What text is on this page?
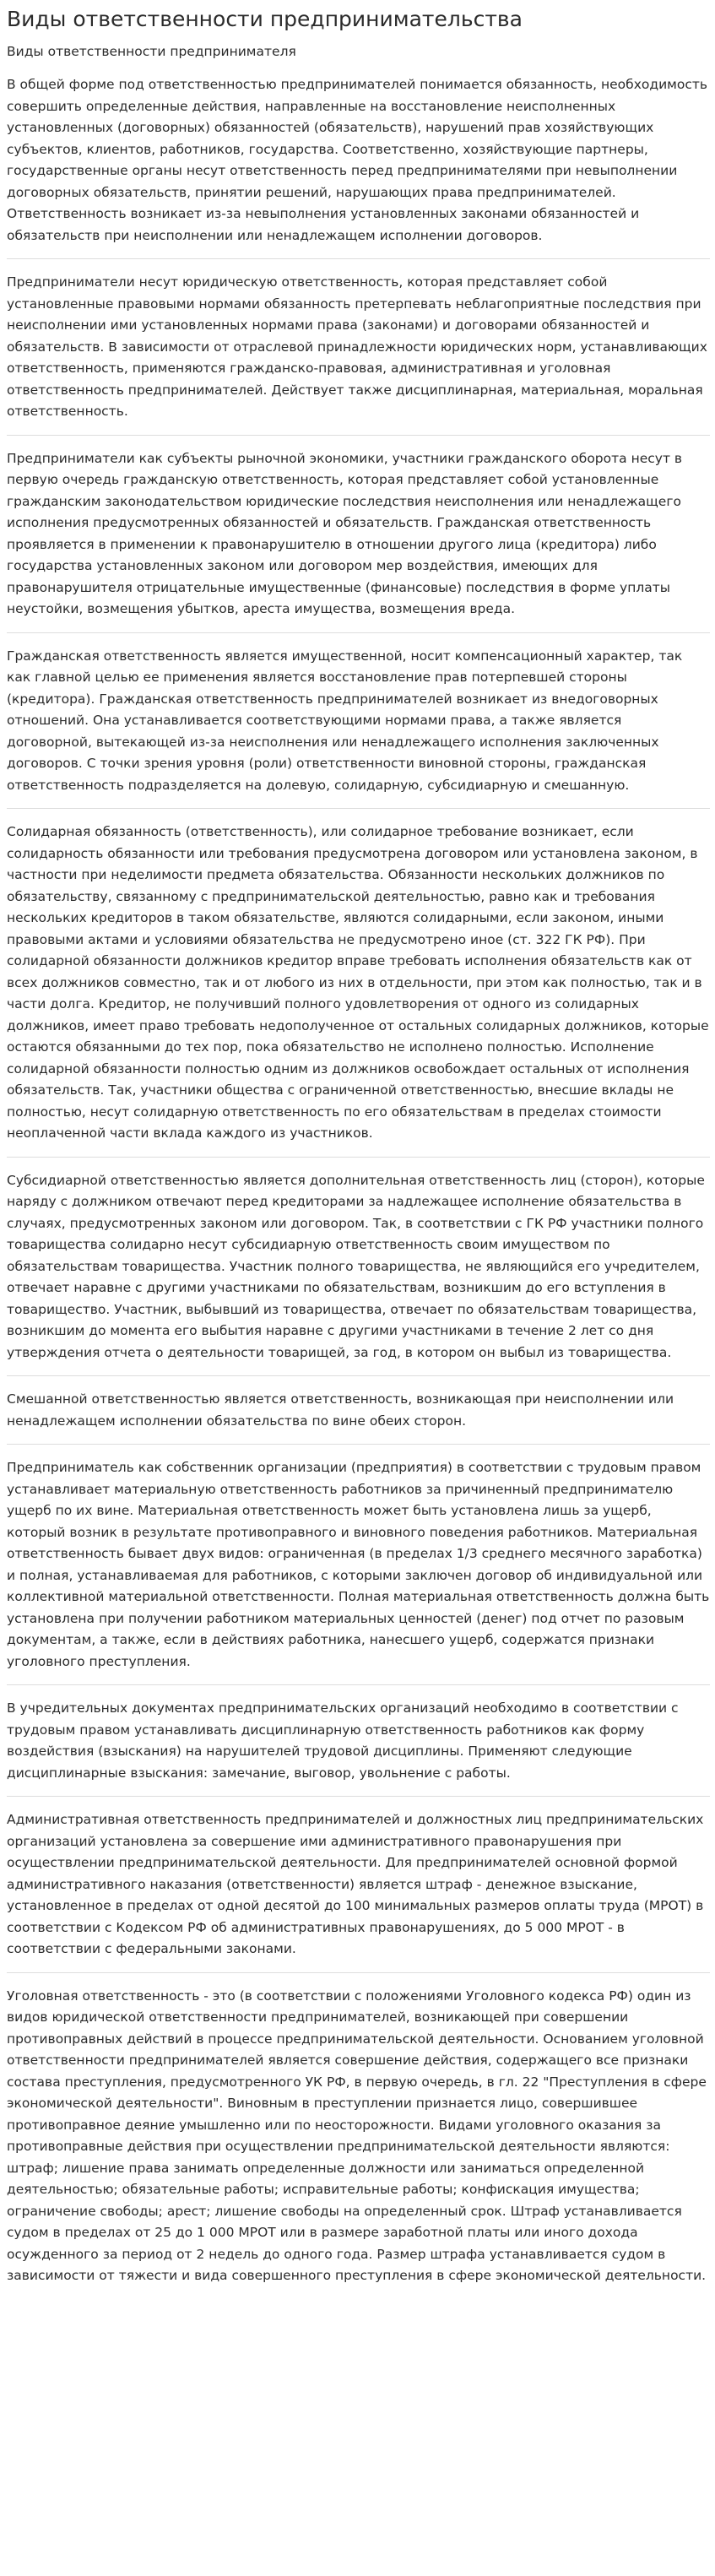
Виды ответственности предпринимательства
Виды ответственности предпринимателя

В общей форме под ответственностью предпринимателей понимается обязанность, необходимость совершить определенные действия, направленные на восстановление неисполненных установленных (договорных) обязанностей (обязательств), нарушений прав хозяйствующих субъектов, клиентов, работников, государства. Соответственно, хозяйствующие партнеры, государственные органы несут ответственность перед предпринимателями при невыполнении договорных обязательств, принятии решений, нарушающих права предпринимателей. Ответственность возникает из-за невыполнения установленных законами обязанностей и обязательств при неисполнении или ненадлежащем исполнении договоров.

Предприниматели несут юридическую ответственность, которая представляет собой установленные правовыми нормами обязанность претерпевать неблагоприятные последствия при неисполнении ими установленных нормами права (законами) и договорами обязанностей и обязательств. В зависимости от отраслевой принадлежности юридических норм, устанавливающих ответственность, применяются гражданско-правовая, административная и уголовная ответственность предпринимателей. Действует также дисциплинарная, материальная, моральная ответственность.

Предприниматели как субъекты рыночной экономики, участники гражданского оборота несут в первую очередь гражданскую ответственность, которая представляет собой установленные гражданским законодательством юридические последствия неисполнения или ненадлежащего исполнения предусмотренных обязанностей и обязательств. Гражданская ответственность проявляется в применении к правонарушителю в отношении другого лица (кредитора) либо государства установленных законом или договором мер воздействия, имеющих для правонарушителя отрицательные имущественные (финансовые) последствия в форме уплаты неустойки, возмещения убытков, ареста имущества, возмещения вреда.

Гражданская ответственность является имущественной, носит компенсационный характер, так как главной целью ее применения является восстановление прав потерпевшей стороны (кредитора). Гражданская ответственность предпринимателей возникает из внедоговорных отношений. Она устанавливается соответствующими нормами права, а также является договорной, вытекающей из-за неисполнения или ненадлежащего исполнения заключенных договоров. С точки зрения уровня (роли) ответственности виновной стороны, гражданская ответственность подразделяется на долевую, солидарную, субсидиарную и смешанную.

Солидарная обязанность (ответственность), или солидарное требование возникает, если солидарность обязанности или требования предусмотрена договором или установлена законом, в частности при неделимости предмета обязательства. Обязанности нескольких должников по обязательству, связанному с предпринимательской деятельностью, равно как и требования нескольких кредиторов в таком обязательстве, являются солидарными, если законом, иными правовыми актами и условиями обязательства не предусмотрено иное (ст. 322 ГК РФ). При солидарной обязанности должников кредитор вправе требовать исполнения обязательств как от всех должников совместно, так и от любого из них в отдельности, при этом как полностью, так и в части долга. Кредитор, не получивший полного удовлетворения от одного из солидарных должников, имеет право требовать недополученное от остальных солидарных должников, которые остаются обязанными до тех пор, пока обязательство не исполнено полностью. Исполнение солидарной обязанности полностью одним из должников освобождает остальных от исполнения обязательств. Так, участники общества с ограниченной ответственностью, внесшие вклады не полностью, несут солидарную ответственность по его обязательствам в пределах стоимости неоплаченной части вклада каждого из участников.

Субсидиарной ответственностью является дополнительная ответственность лиц (сторон), которые наряду с должником отвечают перед кредиторами за надлежащее исполнение обязательства в случаях, предусмотренных законом или договором. Так, в соответствии с ГК РФ участники полного товарищества солидарно несут субсидиарную ответственность своим имуществом по обязательствам товарищества. Участник полного товарищества, не являющийся его учредителем, отвечает наравне с другими участниками по обязательствам, возникшим до его вступления в товарищество. Участник, выбывший из товарищества, отвечает по обязательствам товарищества, возникшим до момента его выбытия наравне с другими участниками в течение 2 лет со дня утверждения отчета о деятельности товарищей, за год, в котором он выбыл из товарищества.

Смешанной ответственностью является ответственность, возникающая при неисполнении или ненадлежащем исполнении обязательства по вине обеих сторон.

Предприниматель как собственник организации (предприятия) в соответствии с трудовым правом устанавливает материальную ответственность работников за причиненный предпринимателю ущерб по их вине. Материальная ответственность может быть установлена лишь за ущерб, который возник в результате противоправного и виновного поведения работников. Материальная ответственность бывает двух видов: ограниченная (в пределах 1/3 среднего месячного заработка) и полная, устанавливаемая для работников, с которыми заключен договор об индивидуальной или коллективной материальной ответственности. Полная материальная ответственность должна быть установлена при получении работником материальных ценностей (денег) под отчет по разовым документам, а также, если в действиях работника, нанесшего ущерб, содержатся признаки уголовного преступления.

В учредительных документах предпринимательских организаций необходимо в соответствии с трудовым правом устанавливать дисциплинарную ответственность работников как форму воздействия (взыскания) на нарушителей трудовой дисциплины. Применяют следующие дисциплинарные взыскания: замечание, выговор, увольнение с работы.

Административная ответственность предпринимателей и должностных лиц предпринимательских организаций установлена за совершение ими административного правонарушения при осуществлении предпринимательской деятельности. Для предпринимателей основной формой административного наказания (ответственности) является штраф - денежное взыскание, установленное в пределах от одной десятой до 100 минимальных размеров оплаты труда (МРОТ) в соответствии с Кодексом РФ об административных правонарушениях, до 5 000 МРОТ - в соответствии с федеральными законами.

Уголовная ответственность - это (в соответствии с положениями Уголовного кодекса РФ) один из видов юридической ответственности предпринимателей, возникающей при совершении противоправных действий в процессе предпринимательской деятельности. Основанием уголовной ответственности предпринимателей является совершение действия, содержащего все признаки состава преступления, предусмотренного УК РФ, в первую очередь, в гл. 22 "Преступления в сфере экономической деятельности". Виновным в преступлении признается лицо, совершившее противоправное деяние умышленно или по неосторожности. Видами уголовного оказания за противоправные действия при осуществлении предпринимательской деятельности являются: штраф; лишение права занимать определенные должности или заниматься определенной деятельностью; обязательные работы; исправительные работы; конфискация имущества; ограничение свободы; арест; лишение свободы на определенный срок. Штраф устанавливается судом в пределах от 25 до 1 000 МРОТ или в размере заработной платы или иного дохода осужденного за период от 2 недель до одного года. Размер штрафа устанавливается судом в зависимости от тяжести и вида совершенного преступления в сфере экономической деятельности.
